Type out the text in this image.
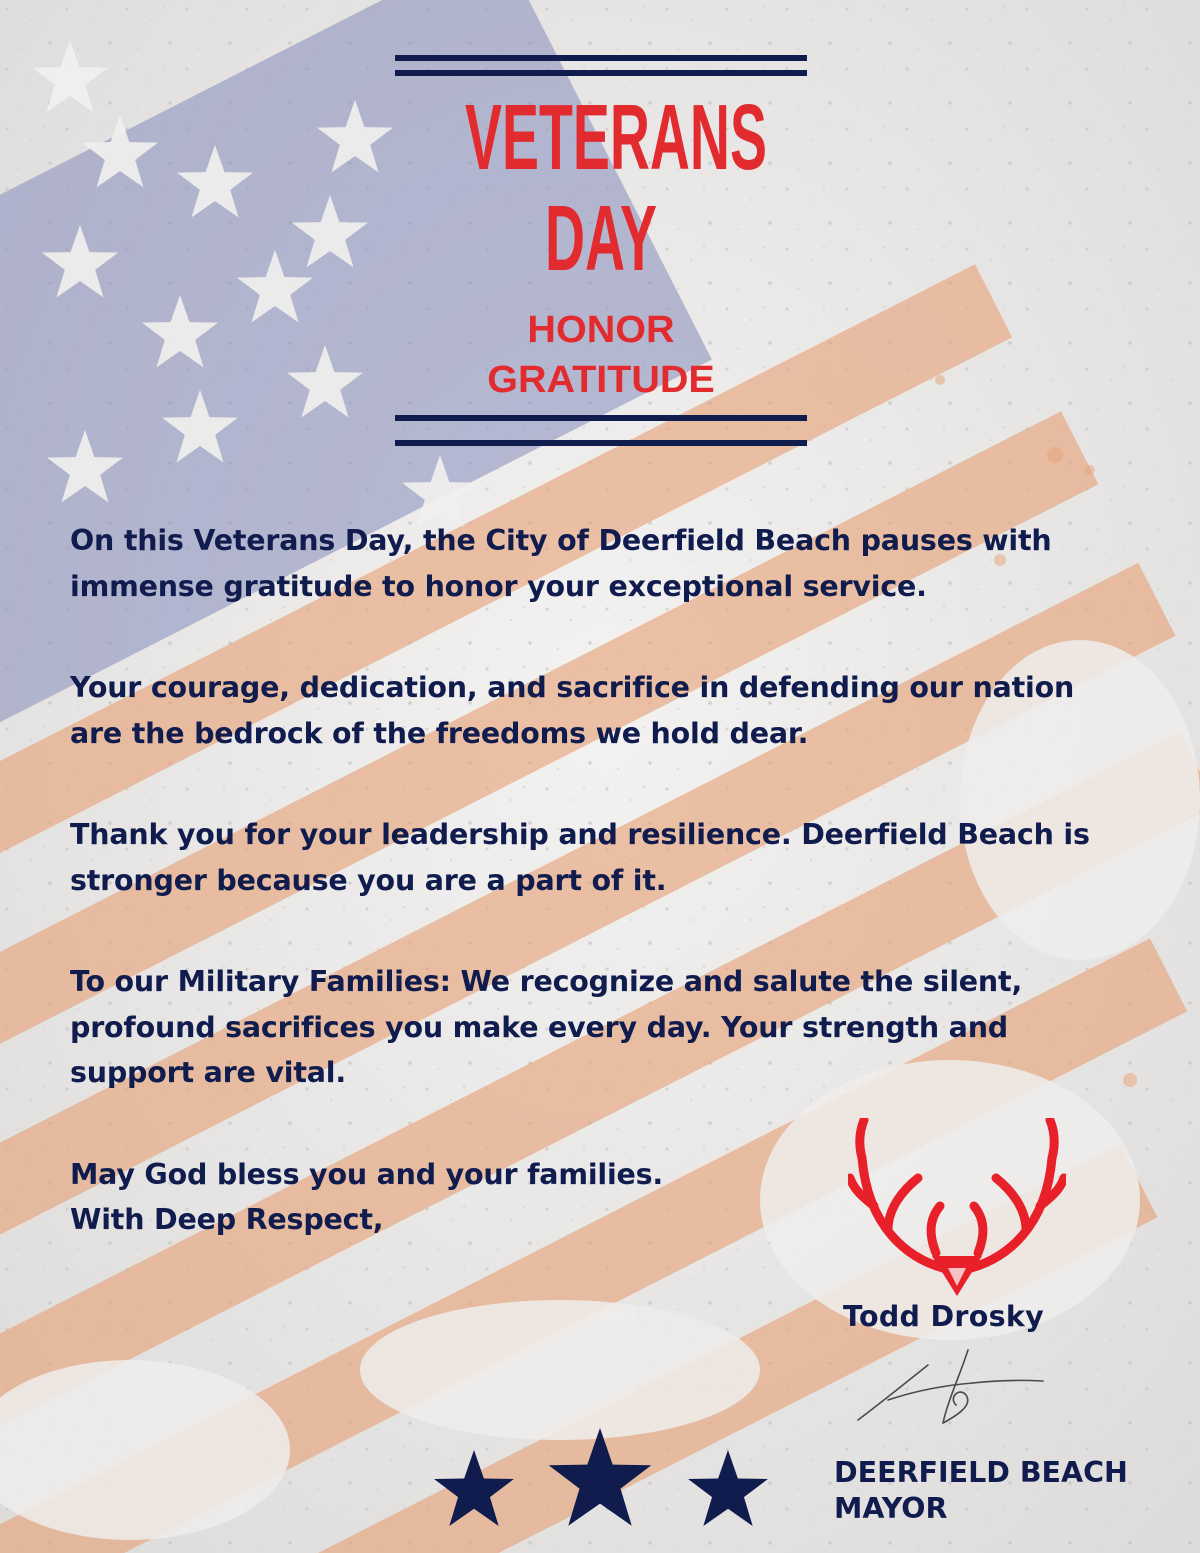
VETERANS
DAY
HONOR
GRATITUDE

On this Veterans Day, the City of Deerfield Beach pauses with immense gratitude to honor your exceptional service.

Your courage, dedication, and sacrifice in defending our nation are the bedrock of the freedoms we hold dear.

Thank you for your leadership and resilience. Deerfield Beach is stronger because you are a part of it.

To our Military Families: We recognize and salute the silent, profound sacrifices you make every day. Your strength and support are vital.

May God bless you and your families.

With Deep Respect,

Todd Drosky
DEERFIELD BEACH
MAYOR
